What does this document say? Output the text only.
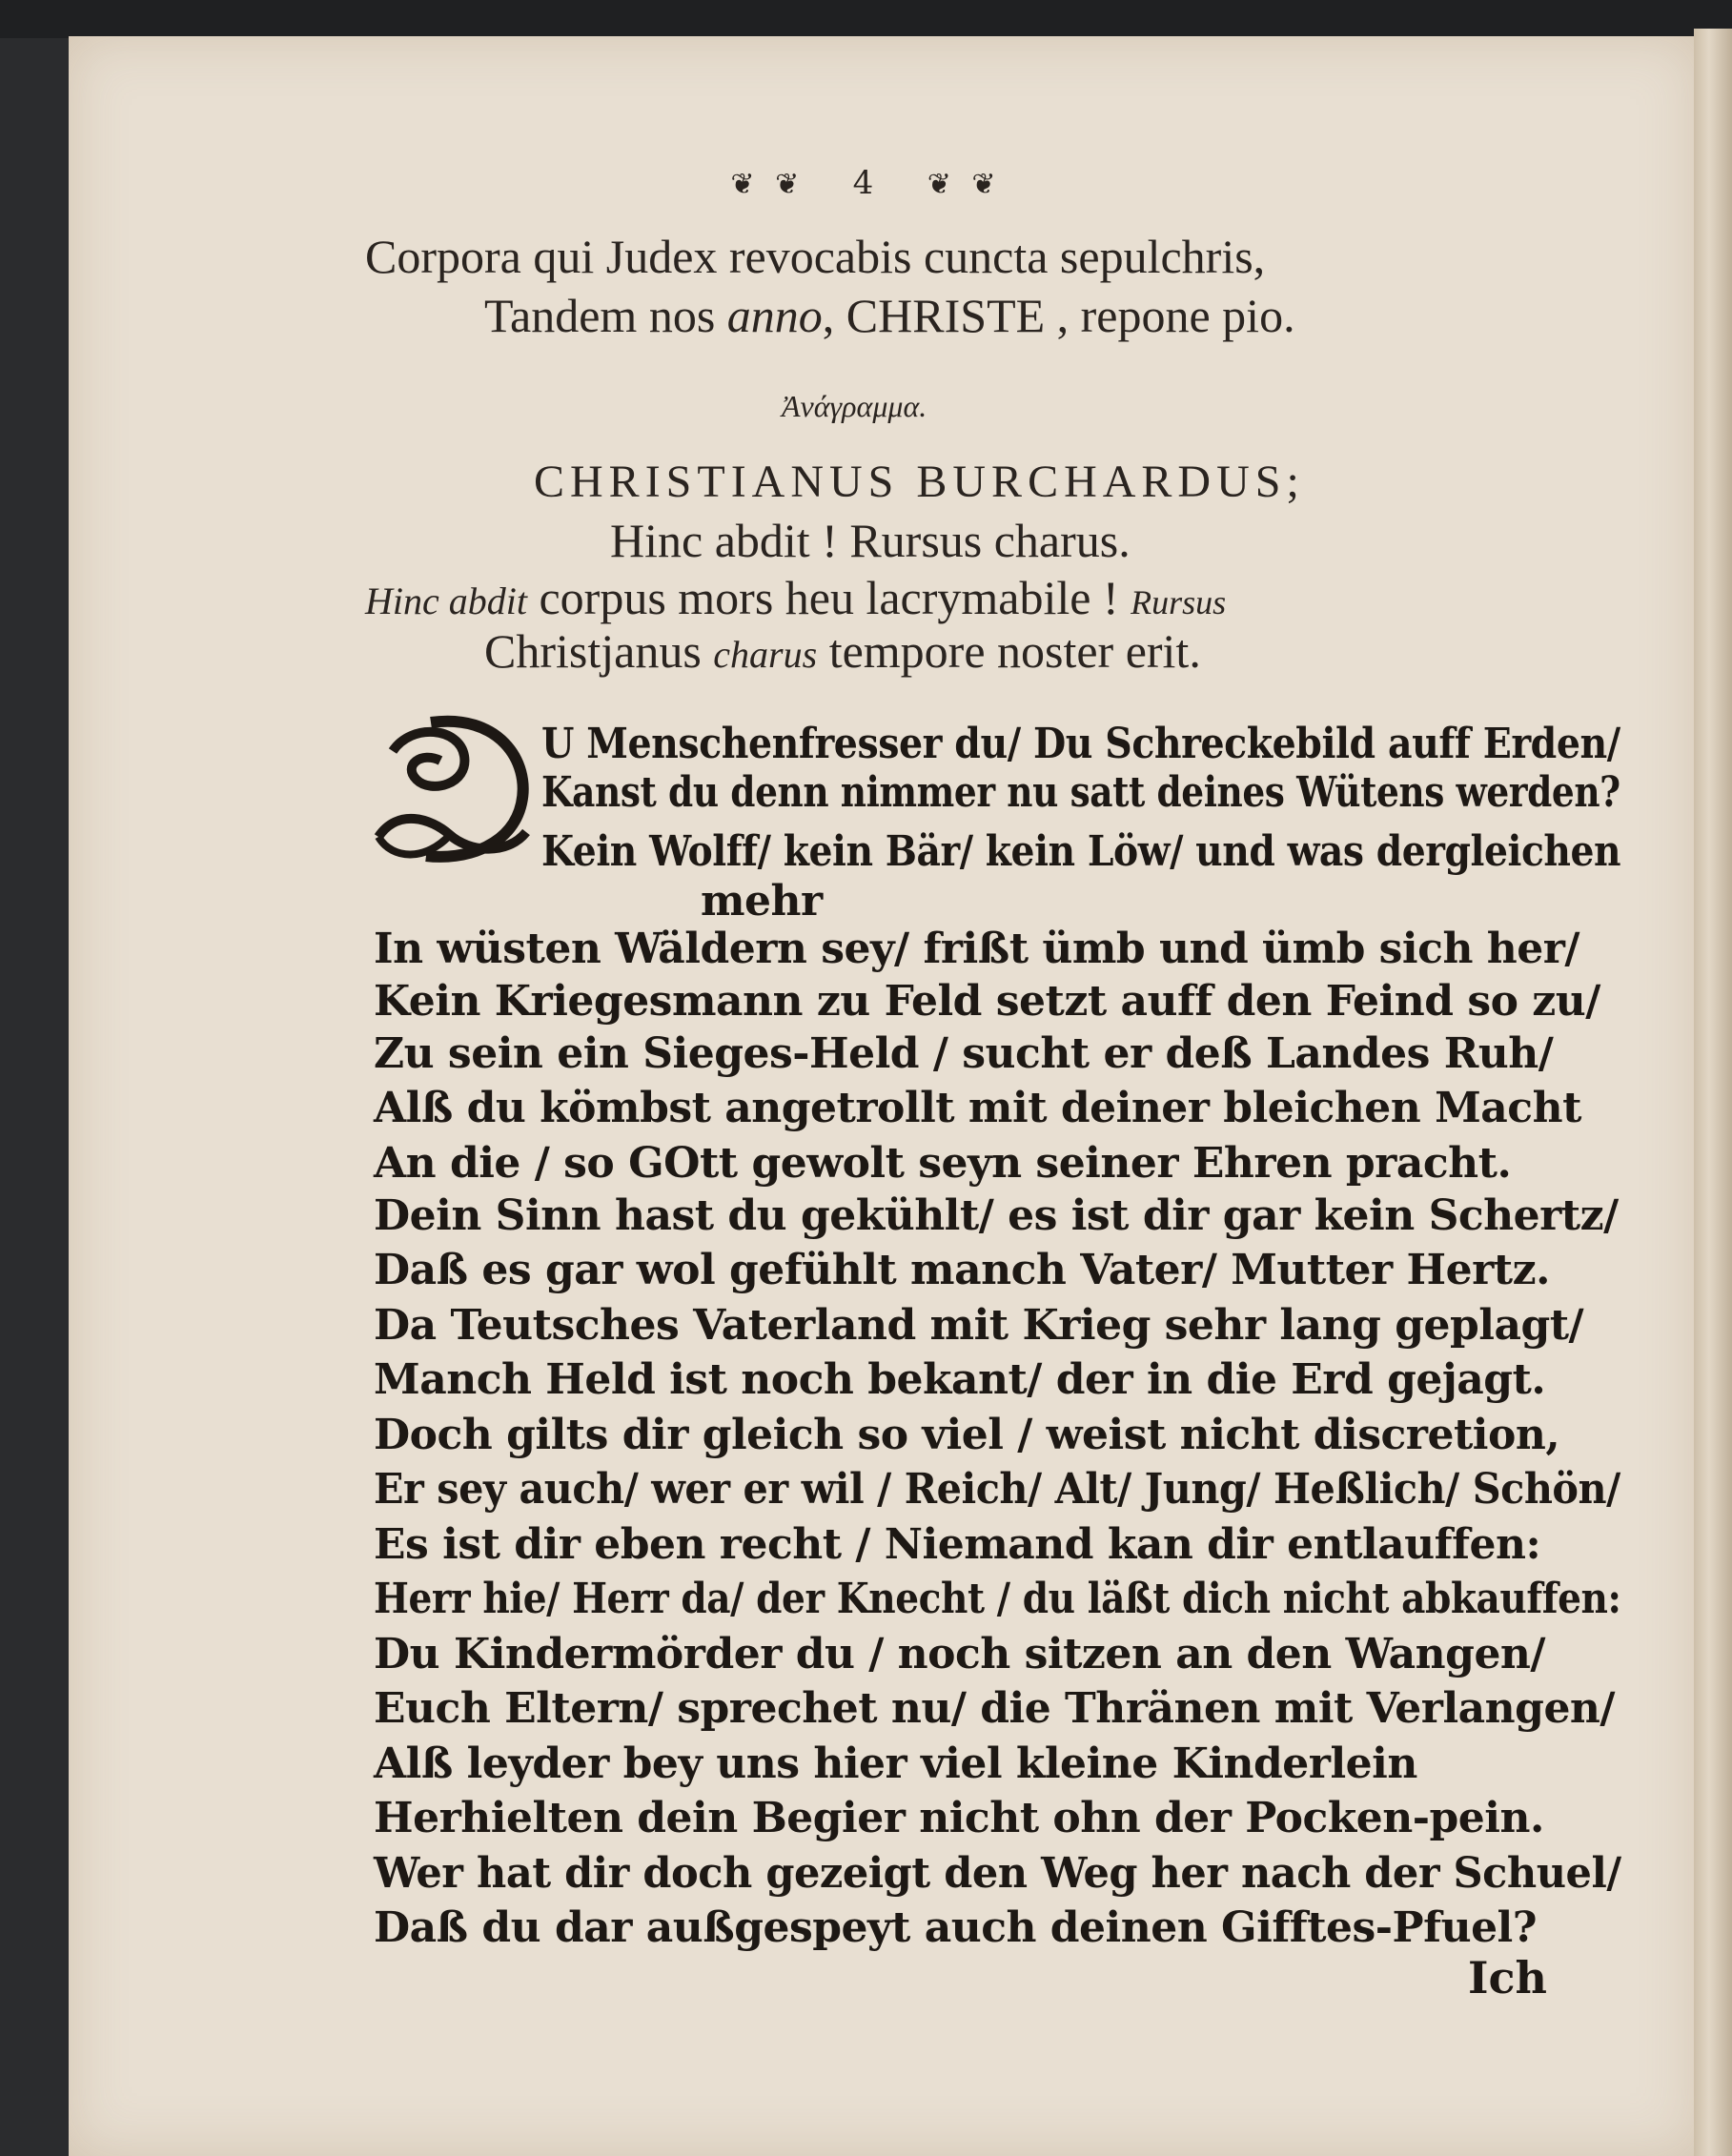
❦ ❦ 4 ❦ ❦
Corpora qui Judex revocabis cuncta sepulchris,
Tandem nos anno, CHRISTE , repone pio.
Ἀνάγραμμα.
CHRISTIANUS BURCHARDUS;
Hinc abdit ! Rursus charus.
Hinc abdit corpus mors heu lacrymabile ! Rursus
Christjanus charus tempore noster erit.
U Menschenfresser du/ Du Schreckebild auff Erden/
Kanst du denn nimmer nu satt deines Wütens werden?
Kein Wolff/ kein Bär/ kein Löw/ und was dergleichen
mehr
In wüsten Wäldern sey/ frißt ümb und ümb sich her/
Kein Kriegesmann zu Feld setzt auff den Feind so zu/
Zu sein ein Sieges-Held / sucht er deß Landes Ruh/
Alß du kömbst angetrollt mit deiner bleichen Macht
An die / so GOtt gewolt seyn seiner Ehren pracht.
Dein Sinn hast du gekühlt/ es ist dir gar kein Schertz/
Daß es gar wol gefühlt manch Vater/ Mutter Hertz.
Da Teutsches Vaterland mit Krieg sehr lang geplagt/
Manch Held ist noch bekant/ der in die Erd gejagt.
Doch gilts dir gleich so viel / weist nicht discretion,
Er sey auch/ wer er wil / Reich/ Alt/ Jung/ Heßlich/ Schön/
Es ist dir eben recht / Niemand kan dir entlauffen:
Herr hie/ Herr da/ der Knecht / du läßt dich nicht abkauffen:
Du Kindermörder du / noch sitzen an den Wangen/
Euch Eltern/ sprechet nu/ die Thränen mit Verlangen/
Alß leyder bey uns hier viel kleine Kinderlein
Herhielten dein Begier nicht ohn der Pocken-pein.
Wer hat dir doch gezeigt den Weg her nach der Schuel/
Daß du dar außgespeyt auch deinen Gifftes-Pfuel?
Ich
